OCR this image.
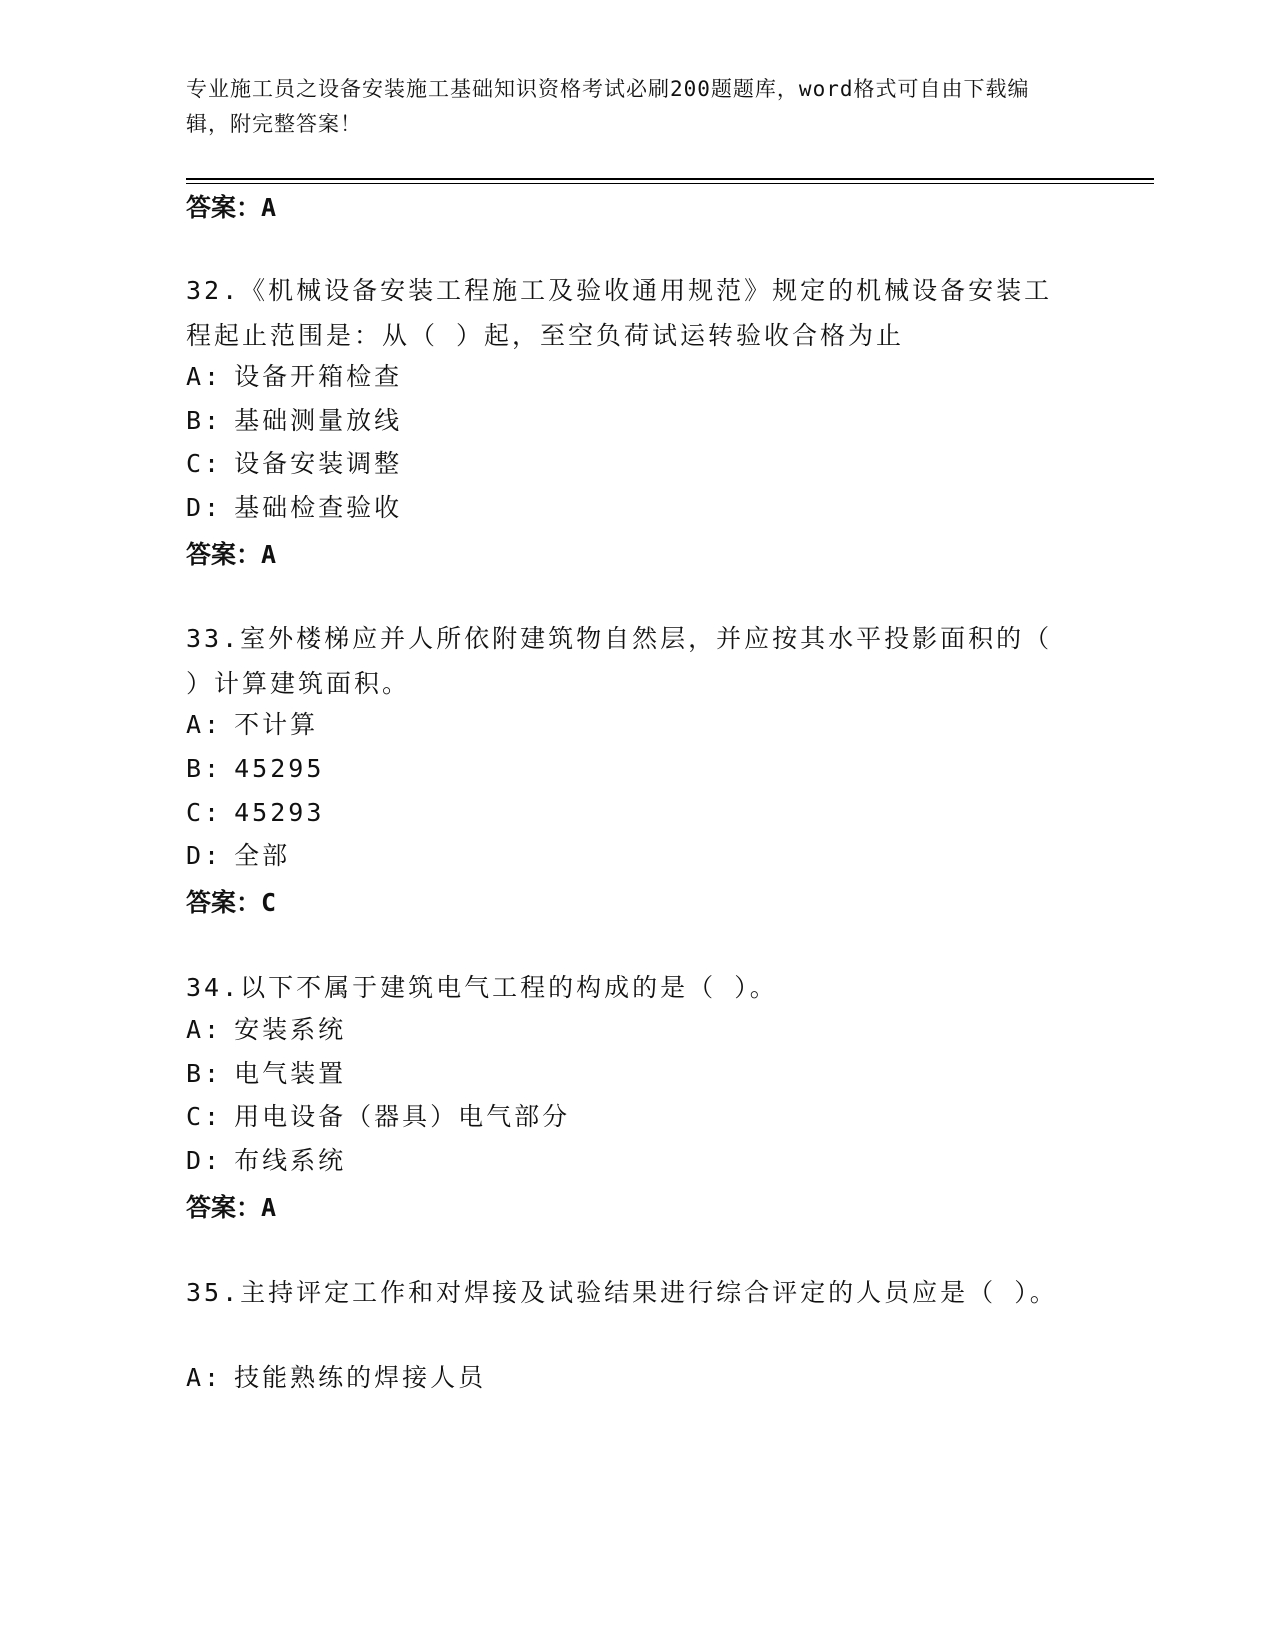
专业施工员之设备安装施工基础知识资格考试必刷200题题库，word格式可自由下载编辑，附完整答案！
答案：A
32.《机械设备安装工程施工及验收通用规范》规定的机械设备安装工程起止范围是：从（ ）起，至空负荷试运转验收合格为止
A: 设备开箱检查
B: 基础测量放线
C: 设备安装调整
D: 基础检查验收
答案：A
33.室外楼梯应并人所依附建筑物自然层，并应按其水平投影面积的（ ）计算建筑面积。
A: 不计算
B: 45295
C: 45293
D: 全部
答案：C
34.以下不属于建筑电气工程的构成的是（ ）。
A: 安装系统
B: 电气装置
C: 用电设备（器具）电气部分
D: 布线系统
答案：A
35.主持评定工作和对焊接及试验结果进行综合评定的人员应是（ ）。
A: 技能熟练的焊接人员
